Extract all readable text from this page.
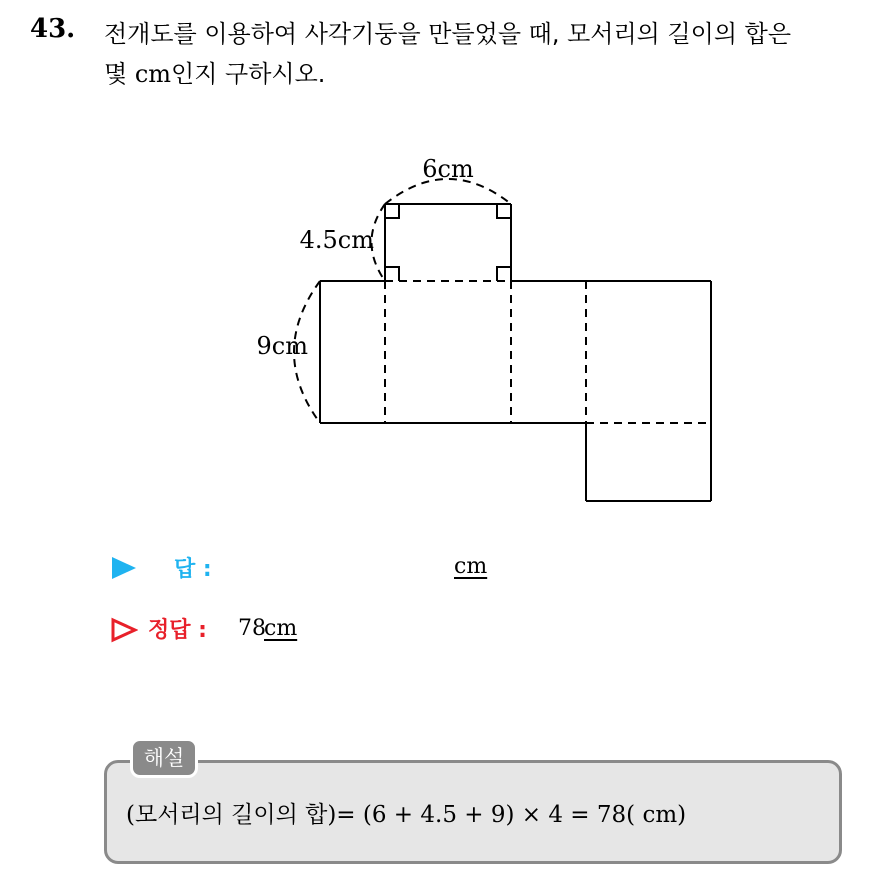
43. 전개도를 이용하여 사각기둥을 만들었을 때, 모서리의 길이의 합은
몇 cm인지 구하시오.
6cm
4.5cm
9cm
답 :	cm
정답 : 78
cm
해설
(모서리의 길이의 합)= (6 + 4.5 + 9) × 4 = 78( cm)
